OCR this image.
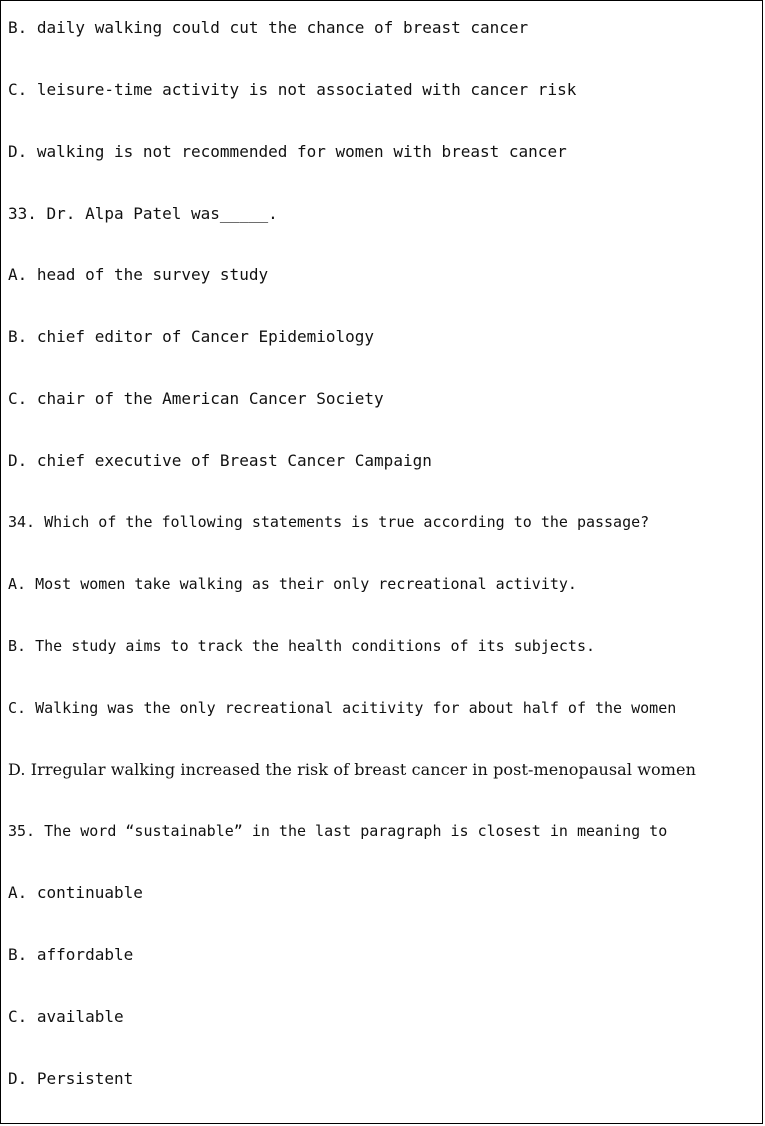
B. daily walking could cut the chance of breast cancer
C. leisure-time activity is not associated with cancer risk
D. walking is not recommended for women with breast cancer
33. Dr. Alpa Patel was_____.
A. head of the survey study
B. chief editor of Cancer Epidemiology
C. chair of the American Cancer Society
D. chief executive of Breast Cancer Campaign
34. Which of the following statements is true according to the passage?
A. Most women take walking as their only recreational activity.
B. The study aims to track the health conditions of its subjects.
C. Walking was the only recreational acitivity for about half of the women
D. Irregular walking increased the risk of breast cancer in post-menopausal women
35. The word “sustainable” in the last paragraph is closest in meaning to
A. continuable
B. affordable
C. available
D. Persistent
